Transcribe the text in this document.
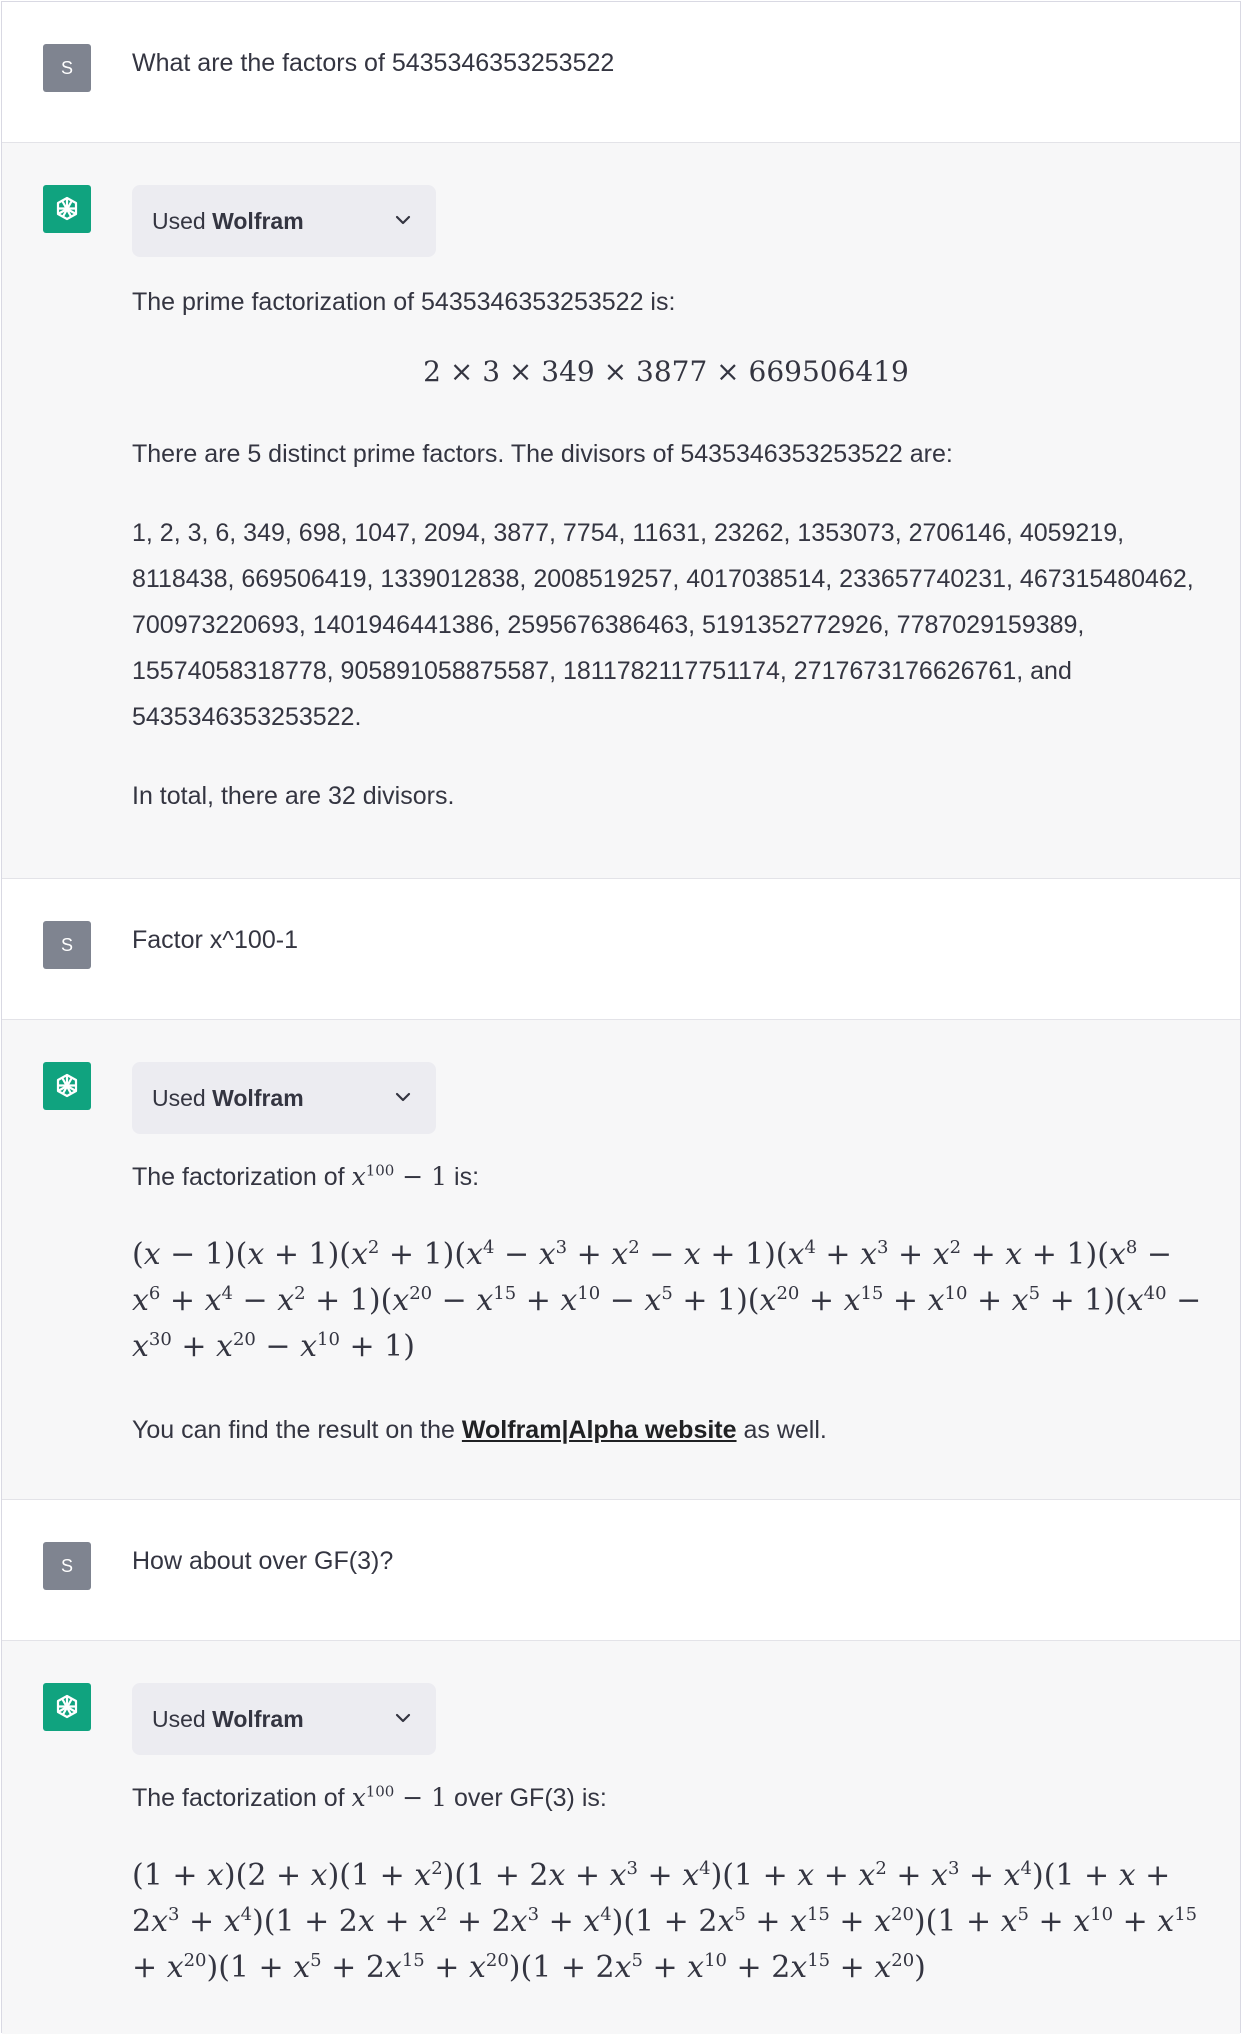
S	What are the factors of 5435346353253522
Used Wolfram
The prime factorization of 5435346353253522 is:
2 × 3 × 349 × 3877 × 669506419
There are 5 distinct prime factors. The divisors of 5435346353253522 are:
1, 2, 3, 6, 349, 698, 1047, 2094, 3877, 7754, 11631, 23262, 1353073, 2706146, 4059219, 8118438, 669506419, 1339012838, 2008519257, 4017038514, 233657740231, 467315480462, 700973220693, 1401946441386, 2595676386463, 5191352772926, 7787029159389, 15574058318778, 905891058875587, 1811782117751174, 2717673176626761, and 5435346353253522.
In total, there are 32 divisors.
S	Factor x^100-1
Used Wolfram
The factorization of $x^{100} - 1$ is:
$(x - 1)(x + 1)(x^2 + 1)(x^4 - x^3 + x^2 - x + 1)(x^4 + x^3 + x^2 + x + 1)(x^8 - x^6 + x^4 - x^2 + 1)(x^{20} - x^{15} + x^{10} - x^5 + 1)(x^{20} + x^{15} + x^{10} + x^5 + 1)(x^{40} - x^{30} + x^{20} - x^{10} + 1)$
You can find the result on the Wolfram|Alpha website as well.
S	How about over GF(3)?
Used Wolfram
The factorization of $x^{100} - 1$ over GF(3) is:
(1 + $x)(2 + x)(1 + x^2)(1 + 2x + x^3 + x^4)(1 + x + x^2 + x^3 + x^4)(1 + x + 2x^3 + x^4)(1 + 2x + x^2 + 2x^3 + x^4)(1 + 2x^5 + x^{15} + x^{20})(1 + x^5 + x^{10} + x^{15} + x^{20})(1 + x^5 + 2x^{15} + x^{20})(1 + 2x^5 + x^{10} + 2x^{15} + x^{20})$
